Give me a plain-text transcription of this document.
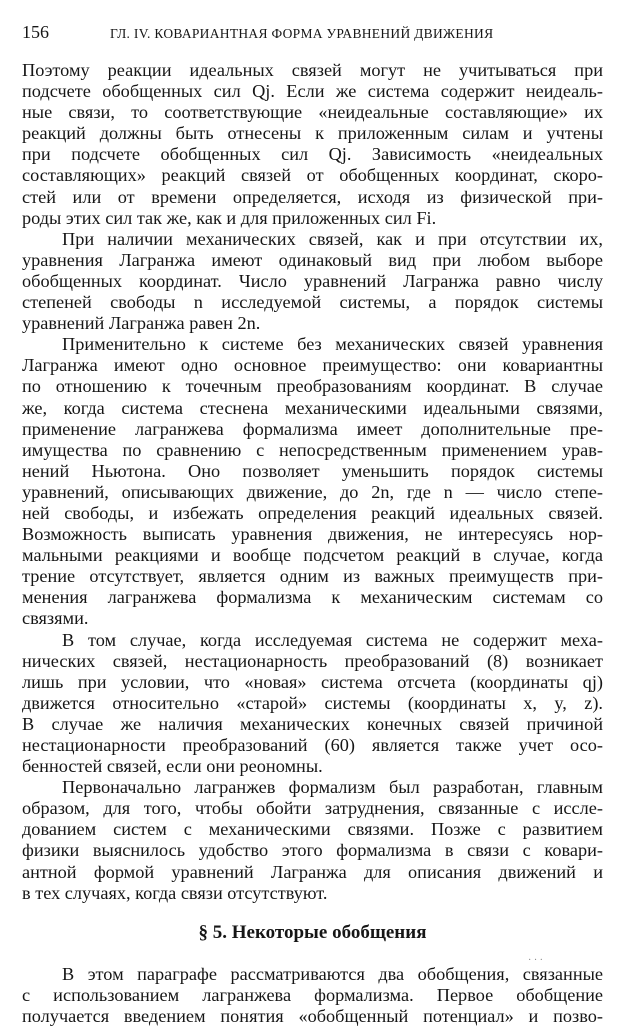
156	ГЛ. IV. КОВАРИАНТНАЯ ФОРМА УРАВНЕНИЙ ДВИЖЕНИЯ
Поэтому реакции идеальных связей могут не учитываться при
подсчете обобщенных сил Qj. Если же система содержит неидеаль-
ные связи, то соответствующие «неидеальные составляющие» их
реакций должны быть отнесены к приложенным силам и учтены
при подсчете обобщенных сил Qj. Зависимость «неидеальных
составляющих» реакций связей от обобщенных координат, скоро-
стей или от времени определяется, исходя из физической при-
роды этих сил так же, как и для приложенных сил Fi.
При наличии механических связей, как и при отсутствии их,
уравнения Лагранжа имеют одинаковый вид при любом выборе
обобщенных координат. Число уравнений Лагранжа равно числу
степеней свободы n исследуемой системы, а порядок системы
уравнений Лагранжа равен 2n.
Применительно к системе без механических связей уравнения
Лагранжа имеют одно основное преимущество: они ковариантны
по отношению к точечным преобразованиям координат. В случае
же, когда система стеснена механическими идеальными связями,
применение лагранжева формализма имеет дополнительные пре-
имущества по сравнению с непосредственным применением урав-
нений Ньютона. Оно позволяет уменьшить порядок системы
уравнений, описывающих движение, до 2n, где n — число степе-
ней свободы, и избежать определения реакций идеальных связей.
Возможность выписать уравнения движения, не интересуясь нор-
мальными реакциями и вообще подсчетом реакций в случае, когда
трение отсутствует, является одним из важных преимуществ при-
менения лагранжева формализма к механическим системам со
связями.
В том случае, когда исследуемая система не содержит меха-
нических связей, нестационарность преобразований (8) возникает
лишь при условии, что «новая» система отсчета (координаты qj)
движется относительно «старой» системы (координаты x, y, z).
В случае же наличия механических конечных связей причиной
нестационарности преобразований (60) является также учет осо-
бенностей связей, если они реономны.
Первоначально лагранжев формализм был разработан, главным
образом, для того, чтобы обойти затруднения, связанные с иссле-
дованием систем с механическими связями. Позже с развитием
физики выяснилось удобство этого формализма в связи с ковари-
антной формой уравнений Лагранжа для описания движений и
в тех случаях, когда связи отсутствуют.
§ 5. Некоторые обобщения
В этом параграфе рассматриваются два обобщения, связанные
с использованием лагранжева формализма. Первое обобщение
получается введением понятия «обобщенный потенциал» и позво-
· · ·
